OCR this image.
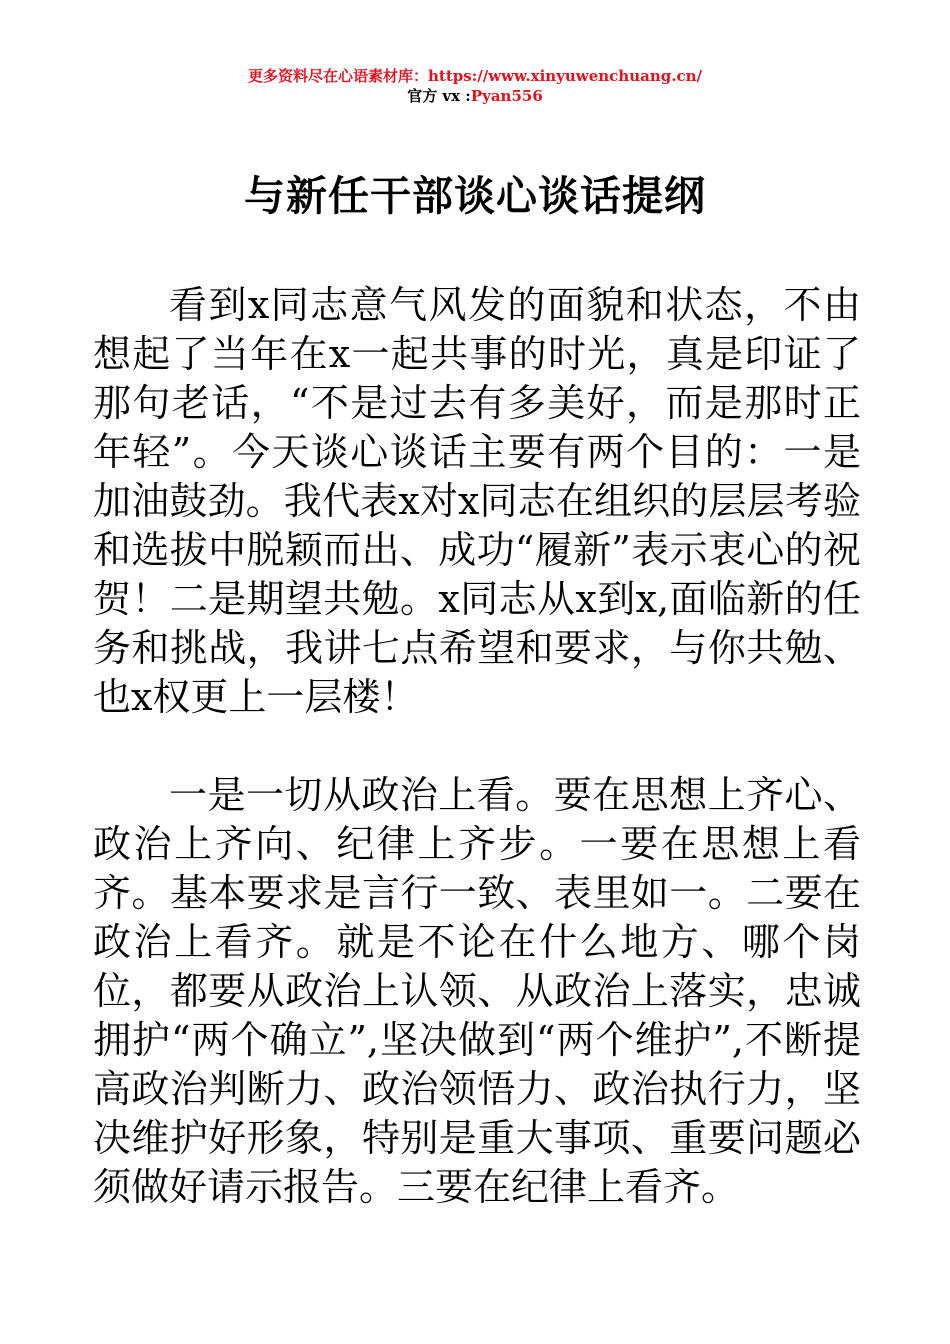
更多资料尽在心语素材库：https://www.xinyuwenchuang.cn/
官方 vx :Pyan556
与新任干部谈心谈话提纲

看到x同志意气风发的面貌和状态，不由想起了当年在x一起共事的时光，真是印证了那句老话，“不是过去有多美好，而是那时正年轻”。今天谈心谈话主要有两个目的：一是加油鼓劲。我代表x对x同志在组织的层层考验和选拔中脱颖而出、成功“履新”表示衷心的祝贺！二是期望共勉。x同志从x到x,面临新的任务和挑战，我讲七点希望和要求，与你共勉、也x权更上一层楼！

一是一切从政治上看。要在思想上齐心、政治上齐向、纪律上齐步。一要在思想上看齐。基本要求是言行一致、表里如一。二要在政治上看齐。就是不论在什么地方、哪个岗位，都要从政治上认领、从政治上落实，忠诚拥护“两个确立”,坚决做到“两个维护”,不断提高政治判断力、政治领悟力、政治执行力，坚决维护好形象，特别是重大事项、重要问题必须做好请示报告。三要在纪律上看齐。
